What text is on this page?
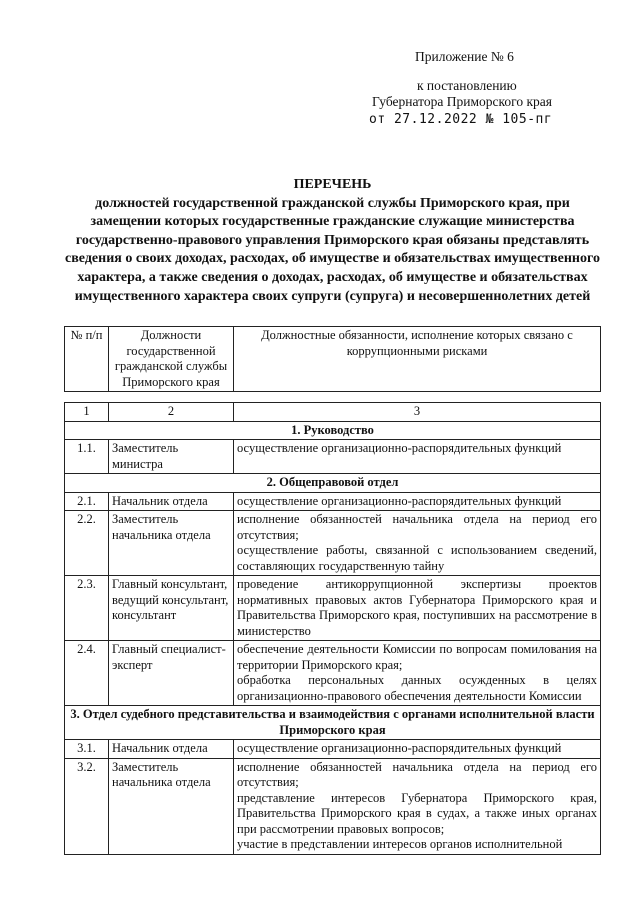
Приложение № 6
к постановлению
Губернатора Приморского края
от 27.12.2022 № 105-пг
ПЕРЕЧЕНЬ
должностей государственной гражданской службы Приморского края, при замещении которых государственные гражданские служащие министерства государственно-правового управления Приморского края обязаны представлять сведения о своих доходах, расходах, об имуществе и обязательствах имущественного характера, а также сведения о доходах, расходах, об имуществе и обязательствах имущественного характера своих супруги (супруга) и несовершеннолетних детей
№ п/п	Должности государственной гражданской службы Приморского края	Должностные обязанности, исполнение которых связано с коррупционными рисками
1	2	3
1. Руководство		
1.1.	Заместитель министра	осуществление организационно-распорядительных функций

2. Общеправовой отдел		
2.1.	Начальник отдела	осуществление организационно-распорядительных функций

2.2.	Заместитель начальника отдела	исполнение обязанностей начальника отдела на период его отсутствия;
осуществление работы, связанной с использованием сведений, составляющих государственную тайну

2.3.	Главный консультант, ведущий консультант, консультант	проведение антикоррупционной экспертизы проектов нормативных правовых актов Губернатора Приморского края и Правительства Приморского края, поступивших на рассмотрение в министерство

2.4.	Главный специалист-эксперт	обеспечение деятельности Комиссии по вопросам помилования на территории Приморского края;
обработка персональных данных осужденных в целях организационно-правового обеспечения деятельности Комиссии

3. Отдел судебного представительства и взаимодействия с органами исполнительной власти Приморского края		
3.1.	Начальник отдела	осуществление организационно-распорядительных функций

3.2.	Заместитель начальника отдела	исполнение обязанностей начальника отдела на период его отсутствия;
представление интересов Губернатора Приморского края, Правительства Приморского края в судах, а также иных органах при рассмотрении правовых вопросов;
участие в представлении интересов органов исполнительной
